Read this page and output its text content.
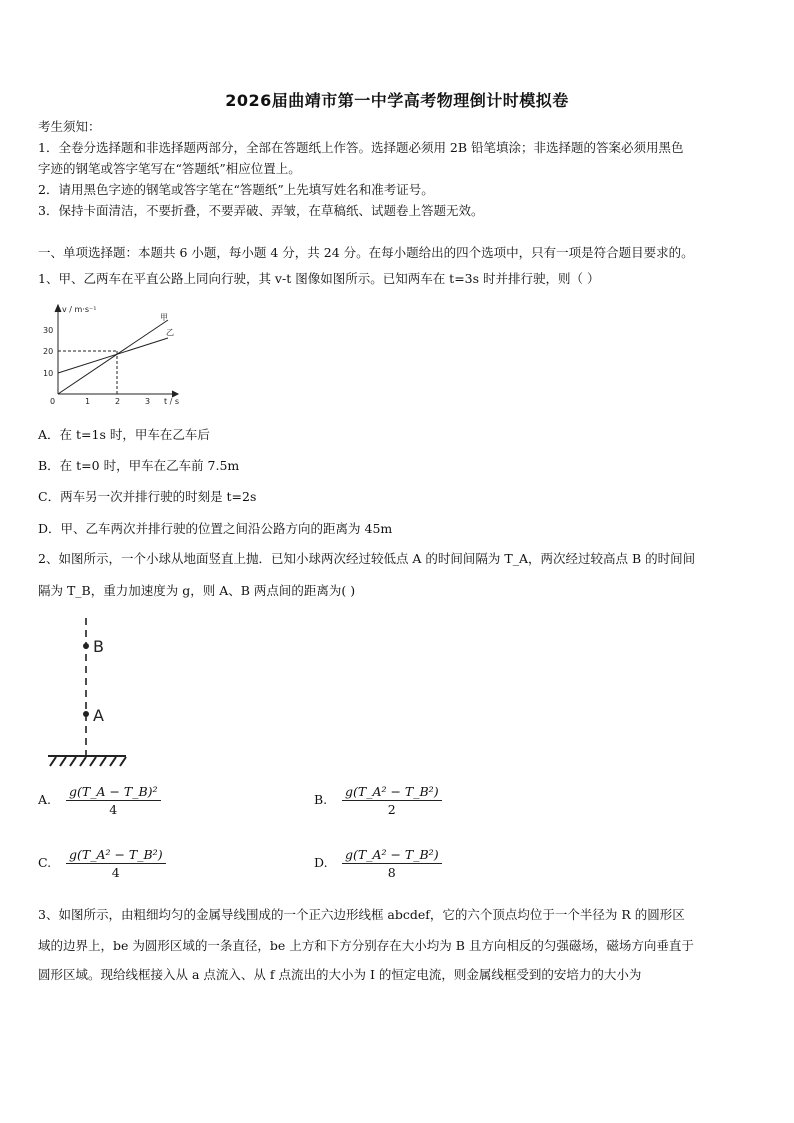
2026届曲靖市第一中学高考物理倒计时模拟卷
考生须知：
1．全卷分选择题和非选择题两部分，全部在答题纸上作答。选择题必须用 2B 铅笔填涂；非选择题的答案必须用黑色
字迹的钢笔或答字笔写在“答题纸”相应位置上。
2．请用黑色字迹的钢笔或答字笔在“答题纸”上先填写姓名和准考证号。
3．保持卡面清洁，不要折叠，不要弄破、弄皱，在草稿纸、试题卷上答题无效。
一、单项选择题：本题共 6 小题，每小题 4 分，共 24 分。在每小题给出的四个选项中，只有一项是符合题目要求的。
1、甲、乙两车在平直公路上同向行驶，其 v-t 图像如图所示。已知两车在 t=3s 时并排行驶，则（ ）
v / m·s⁻¹
t / s
10
20
30
0	1	2	3
甲
乙
A．在 t=1s 时，甲车在乙车后
B．在 t=0 时，甲车在乙车前 7.5m
C．两车另一次并排行驶的时刻是 t=2s
D．甲、乙车两次并排行驶的位置之间沿公路方向的距离为 45m
2、如图所示，一个小球从地面竖直上抛．已知小球两次经过较低点 A 的时间间隔为 T_A，两次经过较高点 B 的时间间
隔为 T_B，重力加速度为 g，则 A、B 两点间的距离为( )
B
A
A. $\frac{\text{g(T\_A − T\_B)²}}{4}$	B. $\frac{\text{g(T\_A² − T\_B²)}}{2}$
C. $\frac{\text{g(T\_A² − T\_B²)}}{4}$	D. $\frac{\text{g(T\_A² − T\_B²)}}{8}$
3、如图所示，由粗细均匀的金属导线围成的一个正六边形线框 abcdef，它的六个顶点均位于一个半径为 R 的圆形区
域的边界上，be 为圆形区域的一条直径，be 上方和下方分别存在大小均为 B 且方向相反的匀强磁场，磁场方向垂直于
圆形区域。现给线框接入从 a 点流入、从 f 点流出的大小为 I 的恒定电流，则金属线框受到的安培力的大小为
